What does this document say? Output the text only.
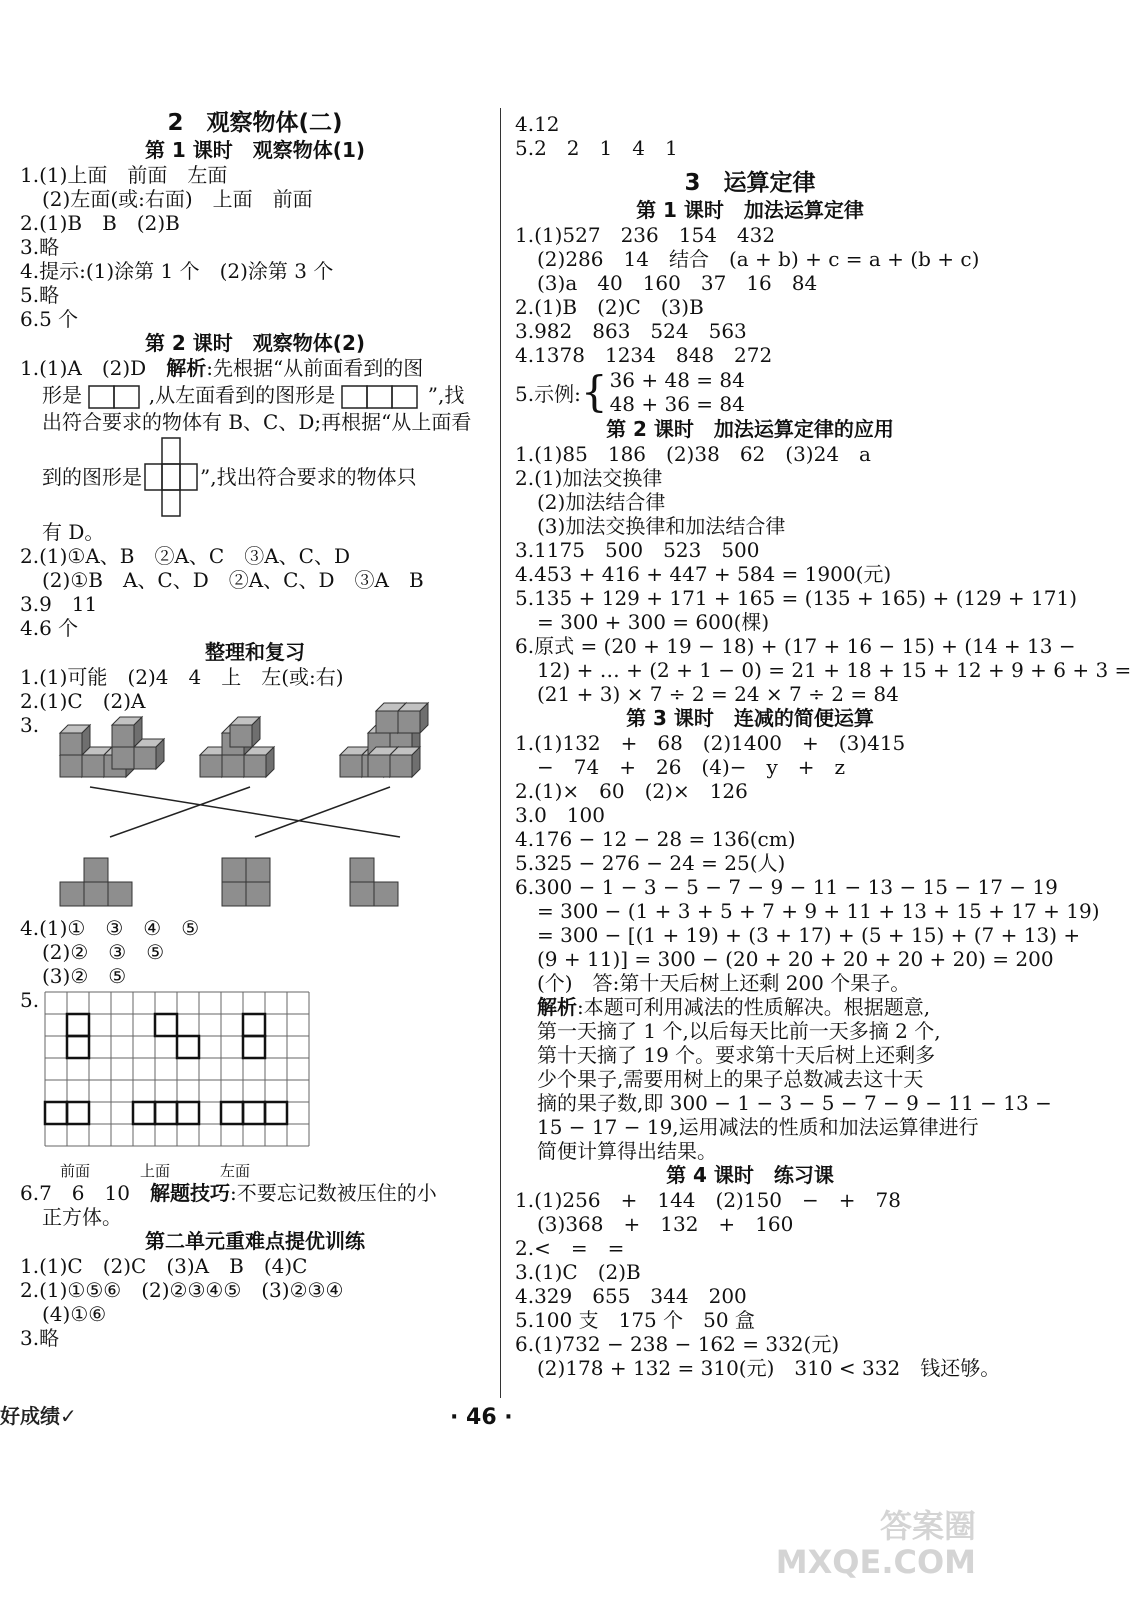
2　观察物体(二)
第 1 课时　观察物体(1)
1.(1)上面　前面　左面
(2)左面(或:右面)　上面　前面
2.(1)B　B　(2)B
3.略
4.提示:(1)涂第 1 个　(2)涂第 3 个
5.略
6.5 个
第 2 课时　观察物体(2)
1.(1)A　(2)D　解析:先根据“从前面看到的图
形是	,从左面看到的图形是	”,找
出符合要求的物体有 B、C、D;再根据“从上面看
到的图形是	”,找出符合要求的物体只
有 D。
2.(1)①A、B　②A、C　③A、C、D
(2)①B　A、C、D　②A、C、D　③A　B
3.9　11
4.6 个
整理和复习
1.(1)可能　(2)4　4　上　左(或:右)
2.(1)C　(2)A
3.
4.(1)①　③　④　⑤
(2)②　③　⑤
(3)②　⑤
5.
前面	上面	左面
6.7　6　10　解题技巧:不要忘记数被压住的小
正方体。
第二单元重难点提优训练
1.(1)C　(2)C　(3)A　B　(4)C
2.(1)①⑤⑥　(2)②③④⑤　(3)②③④
(4)①⑥
3.略
4.12
5.2　2　1　4　1
3　运算定律
第 1 课时　加法运算定律
1.(1)527　236　154　432
(2)286　14　结合　(a + b) + c = a + (b + c)
(3)a　40　160　37　16　84
2.(1)B　(2)C　(3)B
3.982　863　524　563
4.1378　1234　848　272
5.示例: { 36 + 48 = 84
48 + 36 = 84
第 2 课时　加法运算定律的应用
1.(1)85　186　(2)38　62　(3)24　a
2.(1)加法交换律
(2)加法结合律
(3)加法交换律和加法结合律
3.1175　500　523　500
4.453 + 416 + 447 + 584 = 1900(元)
5.135 + 129 + 171 + 165 = (135 + 165) + (129 + 171)
= 300 + 300 = 600(棵)
6.原式 = (20 + 19 − 18) + (17 + 16 − 15) + (14 + 13 −
12) + … + (2 + 1 − 0) = 21 + 18 + 15 + 12 + 9 + 6 + 3 =
(21 + 3) × 7 ÷ 2 = 24 × 7 ÷ 2 = 84
第 3 课时　连减的简便运算
1.(1)132　+　68　(2)1400　+　(3)415
−　74　+　26　(4)−　y　+　z
2.(1)×　60　(2)×　126
3.0　100
4.176 − 12 − 28 = 136(cm)
5.325 − 276 − 24 = 25(人)
6.300 − 1 − 3 − 5 − 7 − 9 − 11 − 13 − 15 − 17 − 19
= 300 − (1 + 3 + 5 + 7 + 9 + 11 + 13 + 15 + 17 + 19)
= 300 − [(1 + 19) + (3 + 17) + (5 + 15) + (7 + 13) +
(9 + 11)] = 300 − (20 + 20 + 20 + 20 + 20) = 200
(个)　答:第十天后树上还剩 200 个果子。
解析:本题可利用减法的性质解决。根据题意,
第一天摘了 1 个,以后每天比前一天多摘 2 个,
第十天摘了 19 个。要求第十天后树上还剩多
少个果子,需要用树上的果子总数减去这十天
摘的果子数,即 300 − 1 − 3 − 5 − 7 − 9 − 11 − 13 −
15 − 17 − 19,运用减法的性质和加法运算律进行
简便计算得出结果。
第 4 课时　练习课
1.(1)256　+　144　(2)150　−　+　78
(3)368　+　132　+　160
2.<　=　=
3.(1)C　(2)B
4.329　655　344　200
5.100 支　175 个　50 盒
6.(1)732 − 238 − 162 = 332(元)
(2)178 + 132 = 310(元)　310 < 332　钱还够。
好成绩✓	· 46 ·
答案圈
MXQE.COM
